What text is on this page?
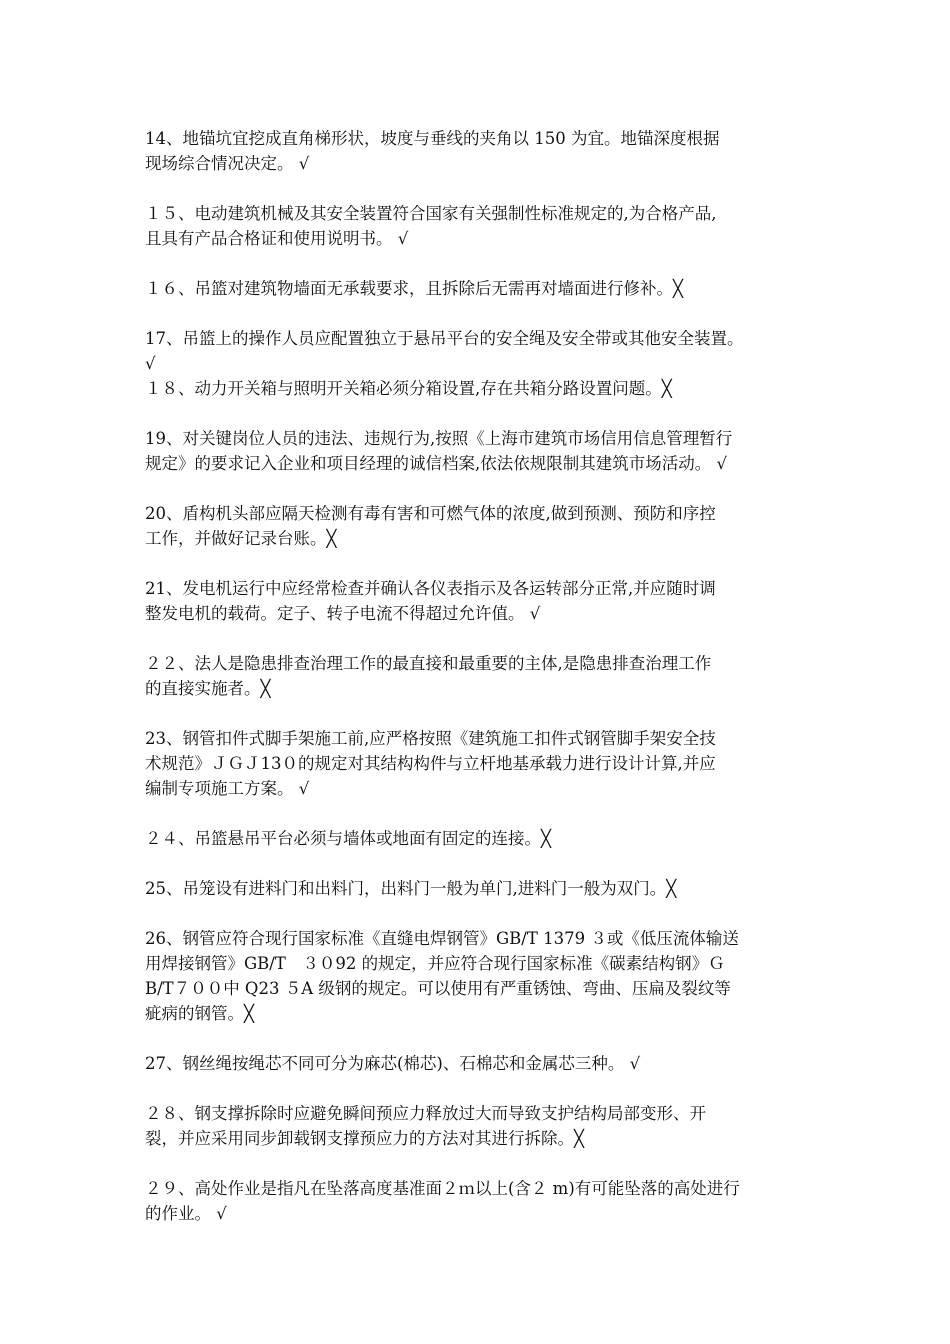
14、地锚坑宜挖成直角梯形状，坡度与垂线的夹角以 150 为宜。地锚深度根据
现场综合情况决定。 √
１５、电动建筑机械及其安全装置符合国家有关强制性标准规定的,为合格产品,
且具有产品合格证和使用说明书。 √
１６、吊篮对建筑物墙面无承载要求，且拆除后无需再对墙面进行修补。╳
17、吊篮上的操作人员应配置独立于悬吊平台的安全绳及安全带或其他安全装置。
√
１８、动力开关箱与照明开关箱必须分箱设置,存在共箱分路设置问题。╳
19、对关键岗位人员的违法、违规行为,按照《上海市建筑市场信用信息管理暂行
规定》的要求记入企业和项目经理的诚信档案,依法依规限制其建筑市场活动。 √
20、盾构机头部应隔天检测有毒有害和可燃气体的浓度,做到预测、预防和序控
工作，并做好记录台账。╳
21、发电机运行中应经常检查并确认各仪表指示及各运转部分正常,并应随时调
整发电机的载荷。定子、转子电流不得超过允许值。 √
２２、法人是隐患排查治理工作的最直接和最重要的主体,是隐患排查治理工作
的直接实施者。╳
23、钢管扣件式脚手架施工前,应严格按照《建筑施工扣件式钢管脚手架安全技
术规范》ＪＧＪ13０的规定对其结构构件与立杆地基承载力进行设计计算,并应
编制专项施工方案。 √
２４、吊篮悬吊平台必须与墙体或地面有固定的连接。╳
25、吊笼设有进料门和出料门，出料门一般为单门,进料门一般为双门。╳
26、钢管应符合现行国家标准《直缝电焊钢管》GB/T 1379 ３或《低压流体输送
用焊接钢管》GB/T　３０92 的规定，并应符合现行国家标准《碳素结构钢》Ｇ
B/T７００中 Q23 ５A 级钢的规定。可以使用有严重锈蚀、弯曲、压扁及裂纹等
疵病的钢管。╳
27、钢丝绳按绳芯不同可分为麻芯(棉芯)、石棉芯和金属芯三种。 √
２８、钢支撑拆除时应避免瞬间预应力释放过大而导致支护结构局部变形、开
裂，并应采用同步卸载钢支撑预应力的方法对其进行拆除。╳
２９、高处作业是指凡在坠落高度基准面２ｍ以上(含２ m)有可能坠落的高处进行
的作业。 √
